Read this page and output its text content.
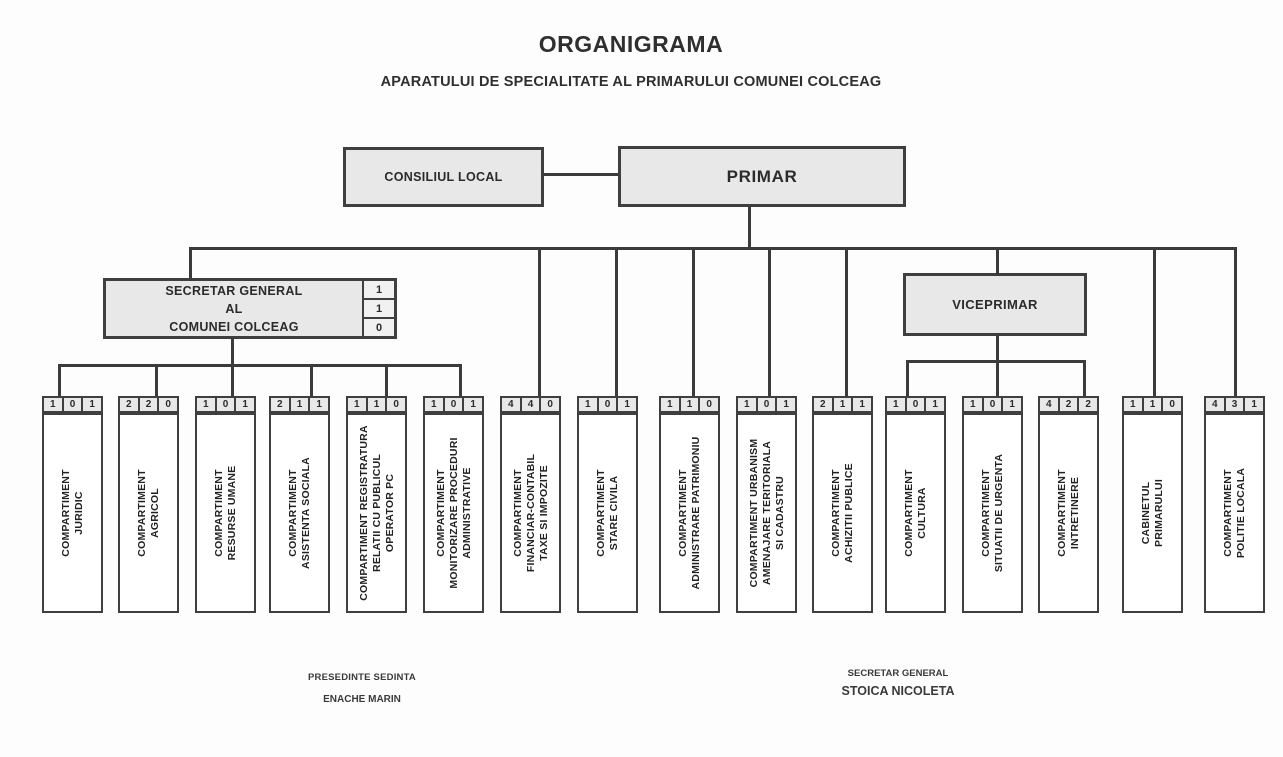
ORGANIGRAMA
APARATULUI DE SPECIALITATE AL PRIMARULUI COMUNEI COLCEAG
CONSILIUL LOCAL	PRIMAR
SECRETAR GENERAL
AL
COMUNEI COLCEAG
1
1
0
VICEPRIMAR
1	0	1
COMPARTIMENT JURIDIC
2	2	0
COMPARTIMENT AGRICOL
1	0	1
COMPARTIMENT RESURSE UMANE
2	1	1
COMPARTIMENT ASISTENTA SOCIALA
1	1	0
COMPARTIMENT REGISTRATURA RELATII CU PUBLICUL OPERATOR PC
1	0	1
COMPARTIMENT MONITORIZARE PROCEDURI ADMINISTRATIVE
4	4	0
COMPARTIMENT FINANCIAR-CONTABIL TAXE SI IMPOZITE
1	0	1
COMPARTIMENT STARE CIVILA
1	1	0
COMPARTIMENT ADMINISTRARE PATRIMONIU
1	0	1
COMPARTIMENT URBANISM AMENAJARE TERITORIALA SI CADASTRU
2	1	1
COMPARTIMENT ACHIZITII PUBLICE
1	0	1
COMPARTIMENT CULTURA
1	0	1
COMPARTIMENT SITUATII DE URGENTA
4	2	2
COMPARTIMENT INTRETINERE
1	1	0
CABINETUL PRIMARULUI
4	3	1
COMPARTIMENT POLITIE LOCALA
PRESEDINTE SEDINTA
ENACHE MARIN
SECRETAR GENERAL
STOICA NICOLETA
